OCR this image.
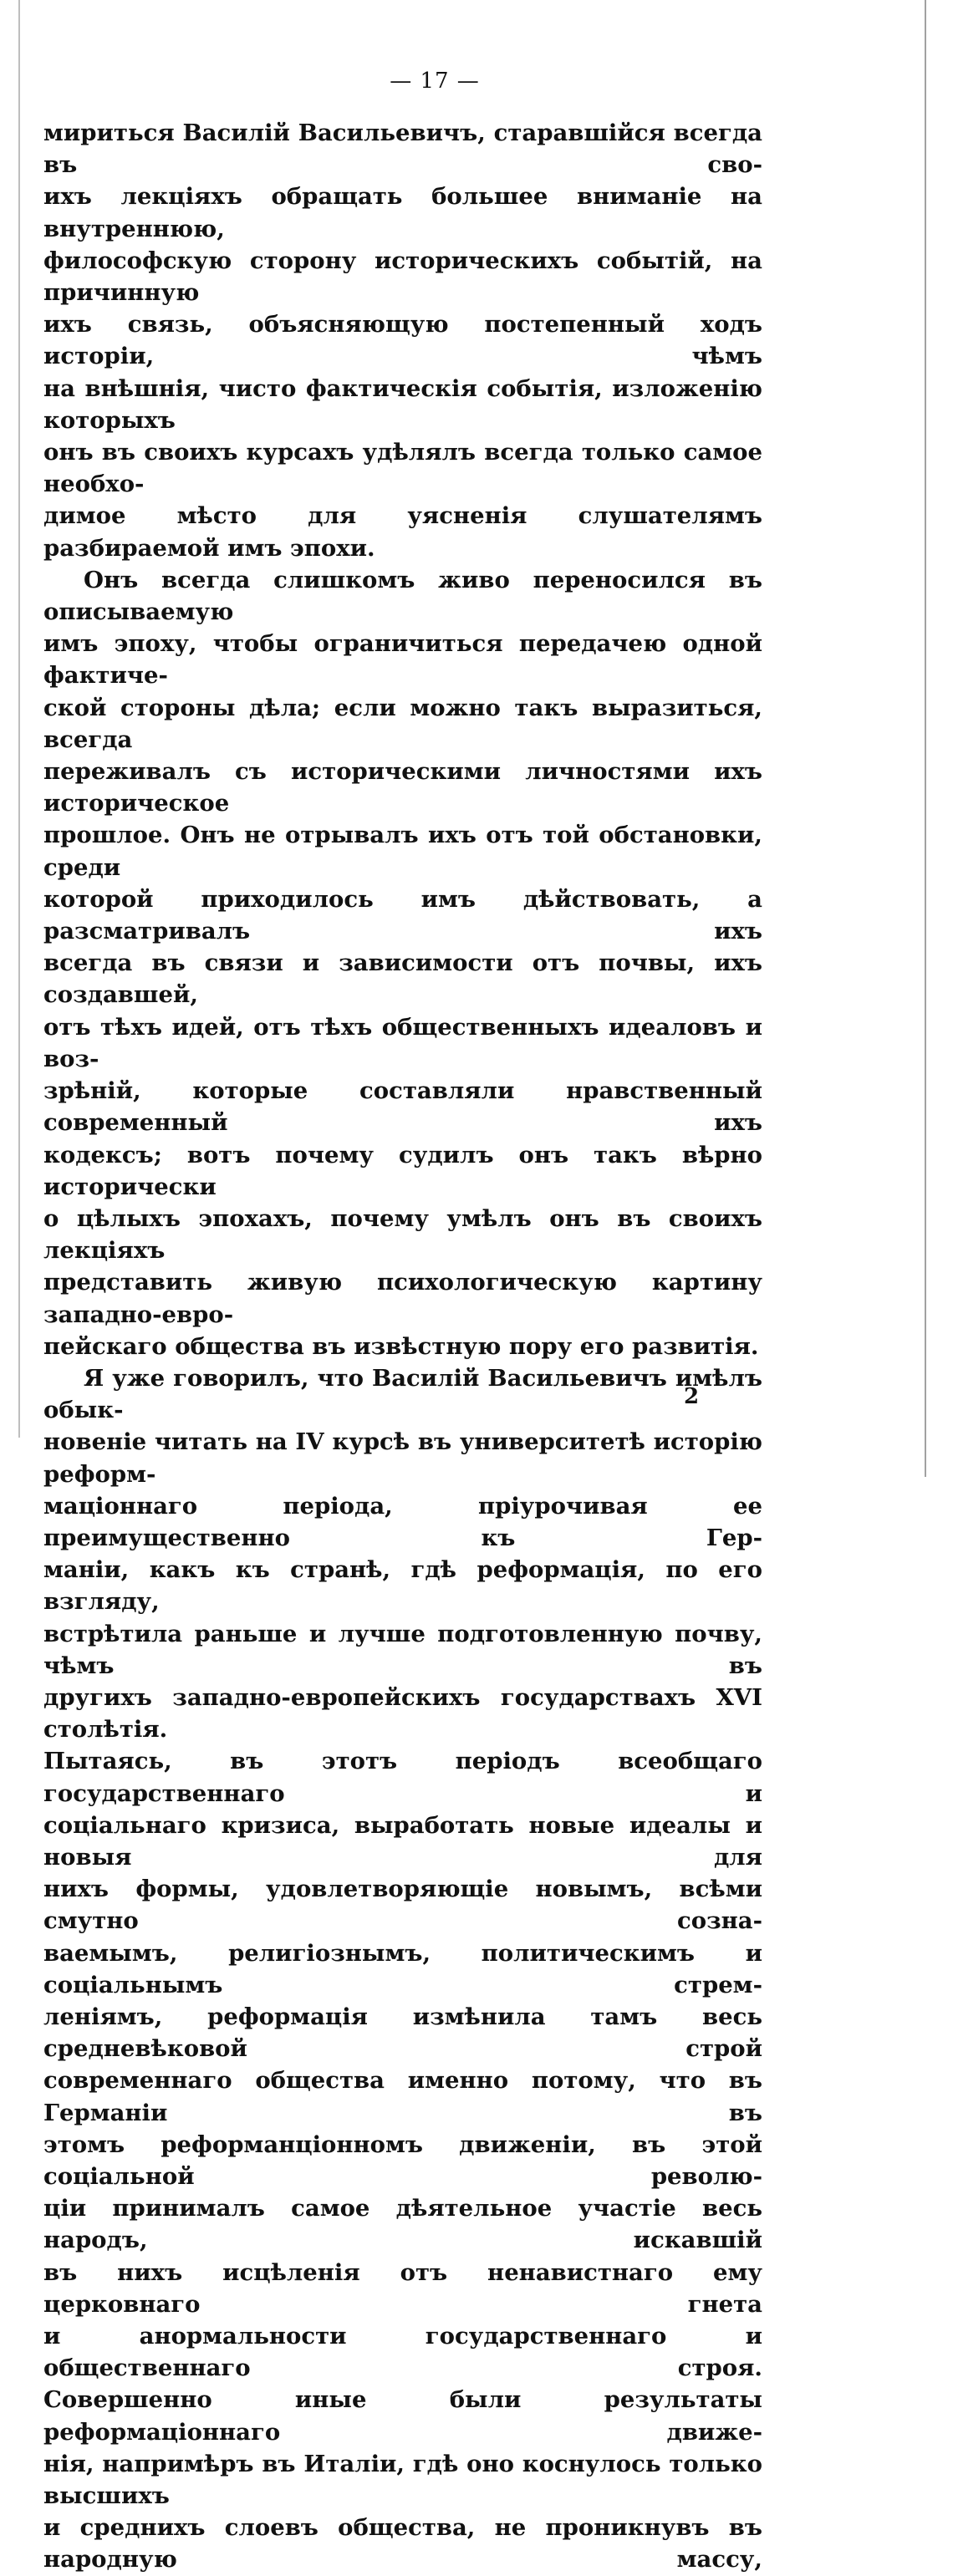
— 17 —

мириться Василій Васильевичъ, старавшійся всегда въ сво-

ихъ лекціяхъ обращать большее вниманіе на внутреннюю,

философскую сторону историческихъ событій, на причинную

ихъ связь, объясняющую постепенный ходъ исторіи, чѣмъ

на внѣшнія, чисто фактическія событія, изложенію которыхъ

онъ въ своихъ курсахъ удѣлялъ всегда только самое необхо-

димое мѣсто для уясненія слушателямъ разбираемой имъ эпохи.

Онъ всегда слишкомъ живо переносился въ описываемую

имъ эпоху, чтобы ограничиться передачею одной фактиче-

ской стороны дѣла; если можно такъ выразиться, всегда

переживалъ съ историческими личностями ихъ историческое

прошлое. Онъ не отрывалъ ихъ отъ той обстановки, среди

которой приходилось имъ дѣйствовать, а разсматривалъ ихъ

всегда въ связи и зависимости отъ почвы, ихъ создавшей,

отъ тѣхъ идей, отъ тѣхъ общественныхъ идеаловъ и воз-

зрѣній, которые составляли нравственный современный ихъ

кодексъ; вотъ почему судилъ онъ такъ вѣрно исторически

о цѣлыхъ эпохахъ, почему умѣлъ онъ въ своихъ лекціяхъ

представить живую психологическую картину западно-евро-

пейскаго общества въ извѣстную пору его развитія.

Я уже говорилъ, что Василій Васильевичъ имѣлъ обык-

новеніе читать на IV курсѣ въ университетѣ исторію реформ-

маціоннаго періода, пріурочивая ее преимущественно къ Гер-

маніи, какъ къ странѣ, гдѣ реформація, по его взгляду,

встрѣтила раньше и лучше подготовленную почву, чѣмъ въ

другихъ западно-европейскихъ государствахъ XVI столѣтія.

Пытаясь, въ этотъ періодъ всеобщаго государственнаго и

соціальнаго кризиса, выработать новые идеалы и новыя для

нихъ формы, удовлетворяющіе новымъ, всѣми смутно созна-

ваемымъ, религіознымъ, политическимъ и соціальнымъ стрем-

леніямъ, реформація измѣнила тамъ весь средневѣковой строй

современнаго общества именно потому, что въ Германіи въ

этомъ реформанціонномъ движеніи, въ этой соціальной револю-

ціи принималъ самое дѣятельное участіе весь народъ, искавшій

въ нихъ исцѣленія отъ ненавистнаго ему церковнаго гнета

и анормальности государственнаго и общественнаго строя.

Совершенно иные были результаты реформаціоннаго движе-

нія, напримѣръ въ Италіи, гдѣ оно коснулось только высшихъ

и среднихъ слоевъ общества, не проникнувъ въ народную массу,

2
